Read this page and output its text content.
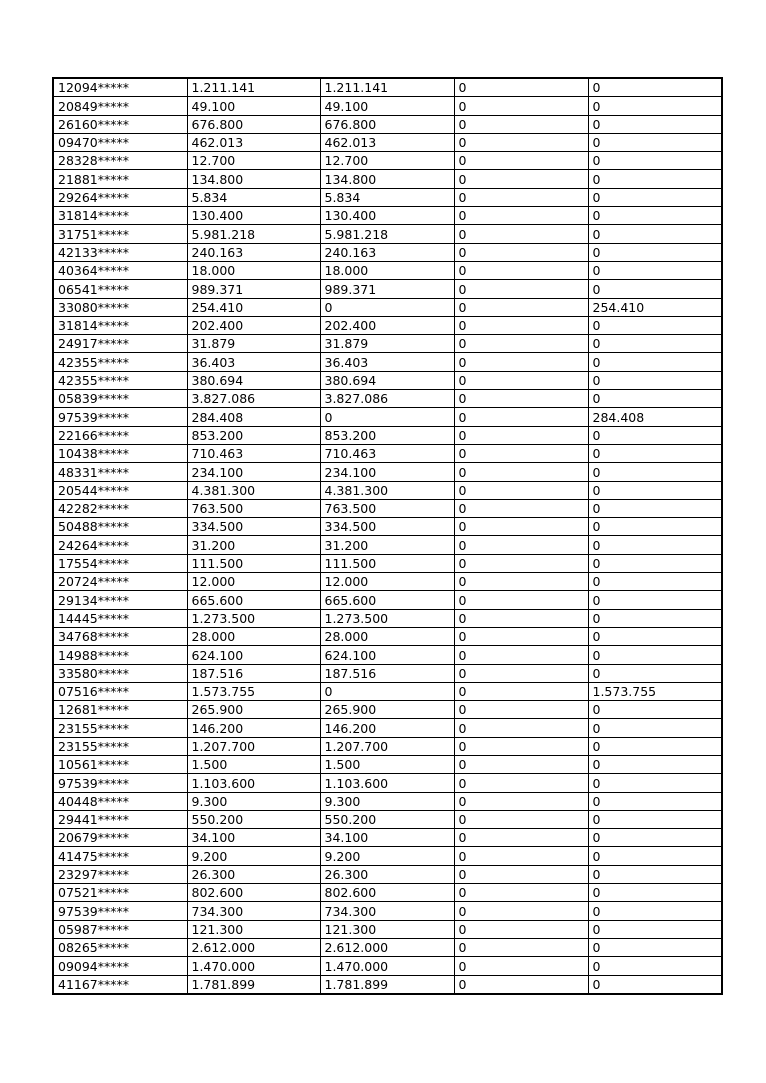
12094*****	1.211.141	1.211.141	0	0
20849*****	49.100	49.100	0	0
26160*****	676.800	676.800	0	0
09470*****	462.013	462.013	0	0
28328*****	12.700	12.700	0	0
21881*****	134.800	134.800	0	0
29264*****	5.834	5.834	0	0
31814*****	130.400	130.400	0	0
31751*****	5.981.218	5.981.218	0	0
42133*****	240.163	240.163	0	0
40364*****	18.000	18.000	0	0
06541*****	989.371	989.371	0	0
33080*****	254.410	0	0	254.410
31814*****	202.400	202.400	0	0
24917*****	31.879	31.879	0	0
42355*****	36.403	36.403	0	0
42355*****	380.694	380.694	0	0
05839*****	3.827.086	3.827.086	0	0
97539*****	284.408	0	0	284.408
22166*****	853.200	853.200	0	0
10438*****	710.463	710.463	0	0
48331*****	234.100	234.100	0	0
20544*****	4.381.300	4.381.300	0	0
42282*****	763.500	763.500	0	0
50488*****	334.500	334.500	0	0
24264*****	31.200	31.200	0	0
17554*****	111.500	111.500	0	0
20724*****	12.000	12.000	0	0
29134*****	665.600	665.600	0	0
14445*****	1.273.500	1.273.500	0	0
34768*****	28.000	28.000	0	0
14988*****	624.100	624.100	0	0
33580*****	187.516	187.516	0	0
07516*****	1.573.755	0	0	1.573.755
12681*****	265.900	265.900	0	0
23155*****	146.200	146.200	0	0
23155*****	1.207.700	1.207.700	0	0
10561*****	1.500	1.500	0	0
97539*****	1.103.600	1.103.600	0	0
40448*****	9.300	9.300	0	0
29441*****	550.200	550.200	0	0
20679*****	34.100	34.100	0	0
41475*****	9.200	9.200	0	0
23297*****	26.300	26.300	0	0
07521*****	802.600	802.600	0	0
97539*****	734.300	734.300	0	0
05987*****	121.300	121.300	0	0
08265*****	2.612.000	2.612.000	0	0
09094*****	1.470.000	1.470.000	0	0
41167*****	1.781.899	1.781.899	0	0
